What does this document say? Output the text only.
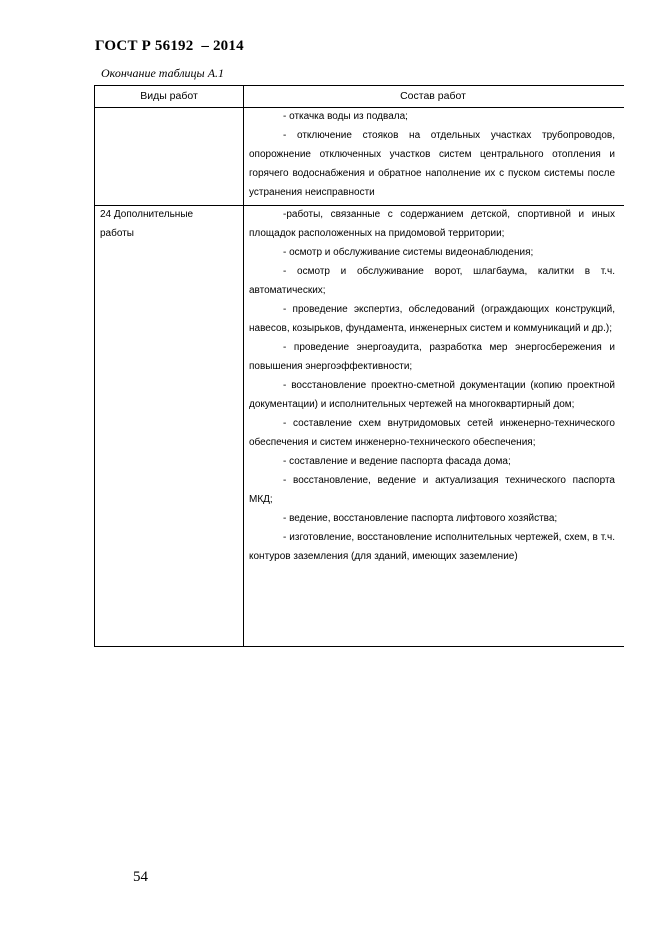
ГОСТ Р 56192  – 2014
Окончание таблицы А.1
Виды работ	Состав работ

- откачка воды из подвала;

- отключение стояков на отдельных участках трубопроводов, опорожнение отключенных участков систем центрального отопления и горячего водоснабжения и обратное наполнение их с пуском системы после устранения неисправности

24 Дополнительные работы

-работы, связанные с содержанием детской, спортивной и иных площадок расположенных на придомовой территории;

- осмотр и обслуживание системы видеонаблюдения;

- осмотр и обслуживание ворот, шлагбаума, калитки в т.ч. автоматических;

- проведение экспертиз, обследований (ограждающих конструкций, навесов, козырьков, фундамента, инженерных систем и коммуникаций и др.);

- проведение энергоаудита, разработка мер энергосбережения и повышения энергоэффективности;

- восстановление проектно-сметной документации (копию проектной документации) и исполнительных чертежей на многоквартирный дом;

- составление схем внутридомовых сетей инженерно-технического обеспечения и систем инженерно-технического обеспечения;

- составление и ведение паспорта фасада дома;

- восстановление, ведение и актуализация технического паспорта МКД;

- ведение, восстановление паспорта лифтового хозяйства;

- изготовление, восстановление исполнительных чертежей, схем, в т.ч. контуров заземления (для зданий, имеющих заземление)

54
